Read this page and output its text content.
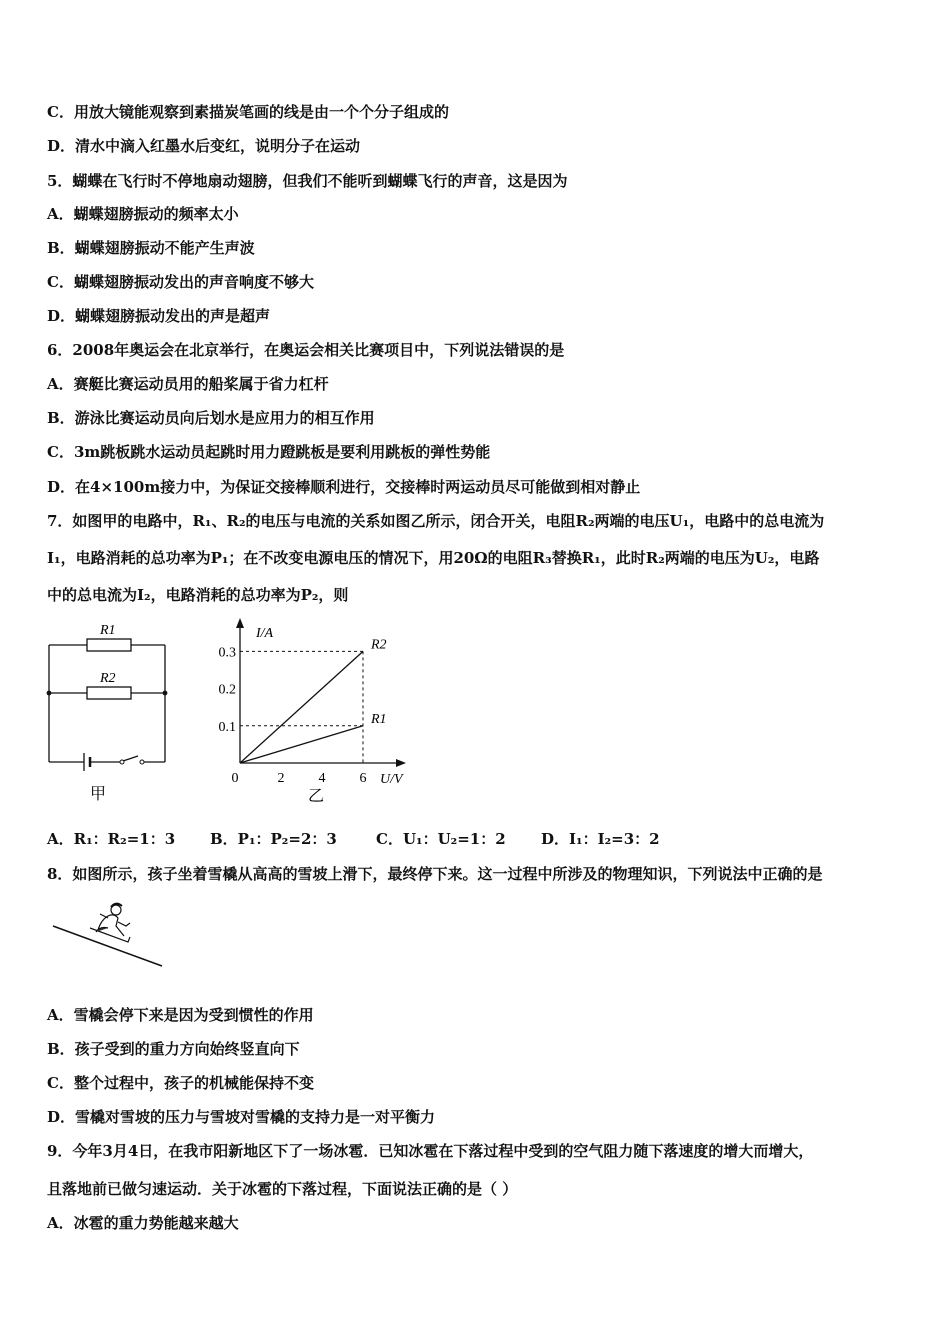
C．用放大镜能观察到素描炭笔画的线是由一个个分子组成的
D．清水中滴入红墨水后变红，说明分子在运动
5．蝴蝶在飞行时不停地扇动翅膀，但我们不能听到蝴蝶飞行的声音，这是因为
A．蝴蝶翅膀振动的频率太小
B．蝴蝶翅膀振动不能产生声波
C．蝴蝶翅膀振动发出的声音响度不够大
D．蝴蝶翅膀振动发出的声是超声
6．2008年奥运会在北京举行，在奥运会相关比赛项目中，下列说法错误的是
A．赛艇比赛运动员用的船桨属于省力杠杆
B．游泳比赛运动员向后划水是应用力的相互作用
C．3m跳板跳水运动员起跳时用力蹬跳板是要利用跳板的弹性势能
D．在4×100m接力中，为保证交接棒顺利进行，交接棒时两运动员尽可能做到相对静止
7．如图甲的电路中，R₁、R₂的电压与电流的关系如图乙所示，闭合开关，电阻R₂两端的电压U₁，电路中的总电流为
I₁，电路消耗的总功率为P₁；在不改变电源电压的情况下，用20Ω的电阻R₃替换R₁，此时R₂两端的电压为U₂，电路
中的总电流为I₂，电路消耗的总功率为P₂，则
R1
R2
甲
I/A
U/V
0
0.1
0.2
0.3
2 4 6
R2
R1
乙
A．R₁：R₂=1：3 B．P₁：P₂=2：3	C．U₁：U₂=1：2 D．I₁：I₂=3：2
8．如图所示，孩子坐着雪橇从高高的雪坡上滑下，最终停下来。这一过程中所涉及的物理知识，下列说法中正确的是
A．雪橇会停下来是因为受到惯性的作用
B．孩子受到的重力方向始终竖直向下
C．整个过程中，孩子的机械能保持不变
D．雪橇对雪坡的压力与雪坡对雪橇的支持力是一对平衡力
9．今年3月4日，在我市阳新地区下了一场冰雹．已知冰雹在下落过程中受到的空气阻力随下落速度的增大而增大，
且落地前已做匀速运动．关于冰雹的下落过程，下面说法正确的是（ ）
A．冰雹的重力势能越来越大
